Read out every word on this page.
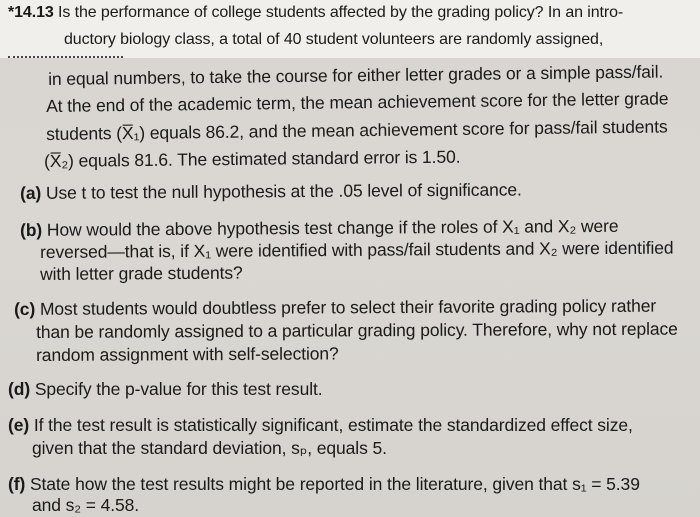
*14.13 Is the performance of college students affected by the grading policy? In an intro-
ductory biology class, a total of 40 student volunteers are randomly assigned,
in equal numbers, to take the course for either letter grades or a simple pass/fail.
At the end of the academic term, the mean achievement score for the letter grade
students (X̅₁) equals 86.2, and the mean achievement score for pass/fail students
(X̅₂) equals 81.6. The estimated standard error is 1.50.
(a) Use t to test the null hypothesis at the .05 level of significance.
(b) How would the above hypothesis test change if the roles of X₁ and X₂ were
reversed—that is, if X₁ were identified with pass/fail students and X₂ were identified
with letter grade students?
(c) Most students would doubtless prefer to select their favorite grading policy rather
than be randomly assigned to a particular grading policy. Therefore, why not replace
random assignment with self-selection?
(d) Specify the p-value for this test result.
(e) If the test result is statistically significant, estimate the standardized effect size,
given that the standard deviation, sₚ, equals 5.
(f) State how the test results might be reported in the literature, given that s₁ = 5.39
and s₂ = 4.58.
